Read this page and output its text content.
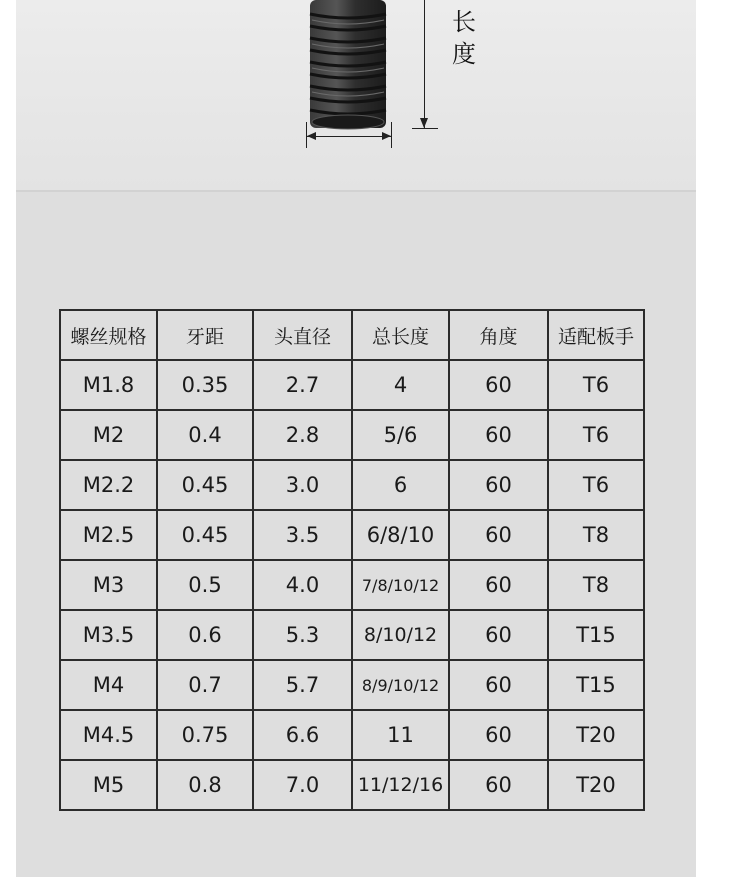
长度
螺丝规格	牙距	头直径	总长度	角度	适配板手
M1.8	0.35	2.7	4	60	T6
M2	0.4	2.8	5/6	60	T6
M2.2	0.45	3.0	6	60	T6
M2.5	0.45	3.5	6/8/10	60	T8
M3	0.5	4.0	7/8/10/12	60	T8
M3.5	0.6	5.3	8/10/12	60	T15
M4	0.7	5.7	8/9/10/12	60	T15
M4.5	0.75	6.6	11	60	T20
M5	0.8	7.0	11/12/16	60	T20
